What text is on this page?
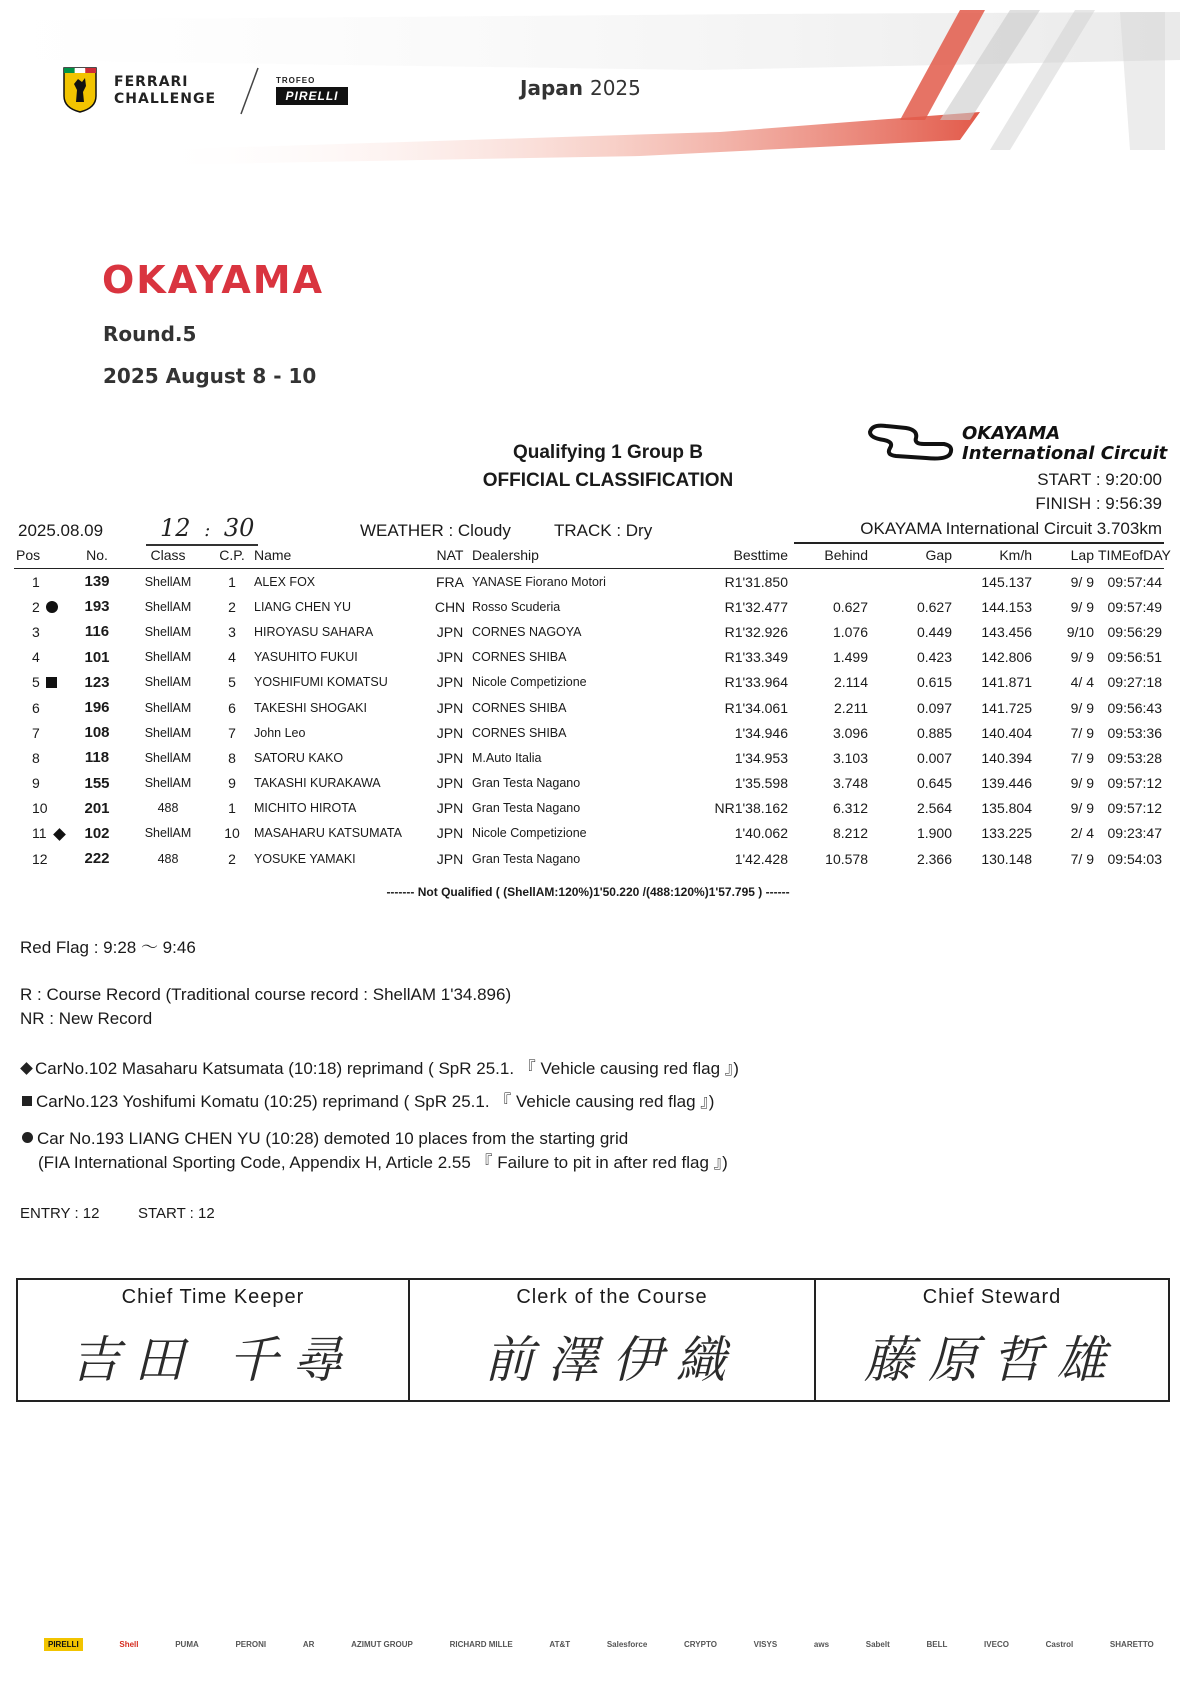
FERRARI
CHALLENGE
TROFEO
PIRELLI	Japan 2025
OKAYAMA
Round.5
2025 August 8 - 10
Qualifying 1 Group B
OFFICIAL CLASSIFICATION
OKAYAMA
International Circuit
START : 9:20:00
FINISH : 9:56:39
2025.08.09 12 : 30	WEATHER : Cloudy	TRACK : Dry	OKAYAMA International Circuit 3.703km
Pos	No.	Class	C.P.	Name	NAT	Dealership	Besttime	Behind	Gap	Km/h	Lap	TIMEofDAY
1	139	ShellAM	1	ALEX FOX	FRA	YANASE Fiorano Motori	R1'31.850			145.137	9/ 9	09:57:44
2	193	ShellAM	2	LIANG CHEN YU	CHN	Rosso Scuderia	R1'32.477	0.627	0.627	144.153	9/ 9	09:57:49
3	116	ShellAM	3	HIROYASU SAHARA	JPN	CORNES NAGOYA	R1'32.926	1.076	0.449	143.456	9/10	09:56:29
4	101	ShellAM	4	YASUHITO FUKUI	JPN	CORNES SHIBA	R1'33.349	1.499	0.423	142.806	9/ 9	09:56:51
5	123	ShellAM	5	YOSHIFUMI KOMATSU	JPN	Nicole Competizione	R1'33.964	2.114	0.615	141.871	4/ 4	09:27:18
6	196	ShellAM	6	TAKESHI SHOGAKI	JPN	CORNES SHIBA	R1'34.061	2.211	0.097	141.725	9/ 9	09:56:43
7	108	ShellAM	7	John Leo	JPN	CORNES SHIBA	1'34.946	3.096	0.885	140.404	7/ 9	09:53:36
8	118	ShellAM	8	SATORU KAKO	JPN	M.Auto Italia	1'34.953	3.103	0.007	140.394	7/ 9	09:53:28
9	155	ShellAM	9	TAKASHI KURAKAWA	JPN	Gran Testa Nagano	1'35.598	3.748	0.645	139.446	9/ 9	09:57:12
10	201	488	1	MICHITO HIROTA	JPN	Gran Testa Nagano	NR1'38.162	6.312	2.564	135.804	9/ 9	09:57:12
11	102	ShellAM	10	MASAHARU KATSUMATA	JPN	Nicole Competizione	1'40.062	8.212	1.900	133.225	2/ 4	09:23:47
12	222	488	2	YOSUKE YAMAKI	JPN	Gran Testa Nagano	1'42.428	10.578	2.366	130.148	7/ 9	09:54:03
------- Not Qualified ( (ShellAM:120%)1'50.220 /(488:120%)1'57.795 ) ------
Red Flag : 9:28 ～ 9:46
R : Course Record (Traditional course record : ShellAM 1'34.896)
NR : New Record
CarNo.102 Masaharu Katsumata (10:18) reprimand ( SpR 25.1. 『 Vehicle causing red flag 』)
CarNo.123 Yoshifumi Komatu (10:25) reprimand ( SpR 25.1. 『 Vehicle causing red flag 』)
Car No.193 LIANG CHEN YU (10:28) demoted 10 places from the starting grid
(FIA International Sporting Code, Appendix H, Article 2.55 『 Failure to pit in after red flag 』)
ENTRY : 12	START : 12
Chief Time Keeper
吉田 千尋
Clerk of the Course
前澤伊織
Chief Steward
藤原哲雄
PIRELLI	Shell	PUMA	PERONI	AR	AZIMUT GROUP	RICHARD MILLE	AT&T	Salesforce	CRYPTO	VISYS	aws	Sabelt	BELL	IVECO	Castrol	SHARETTO
